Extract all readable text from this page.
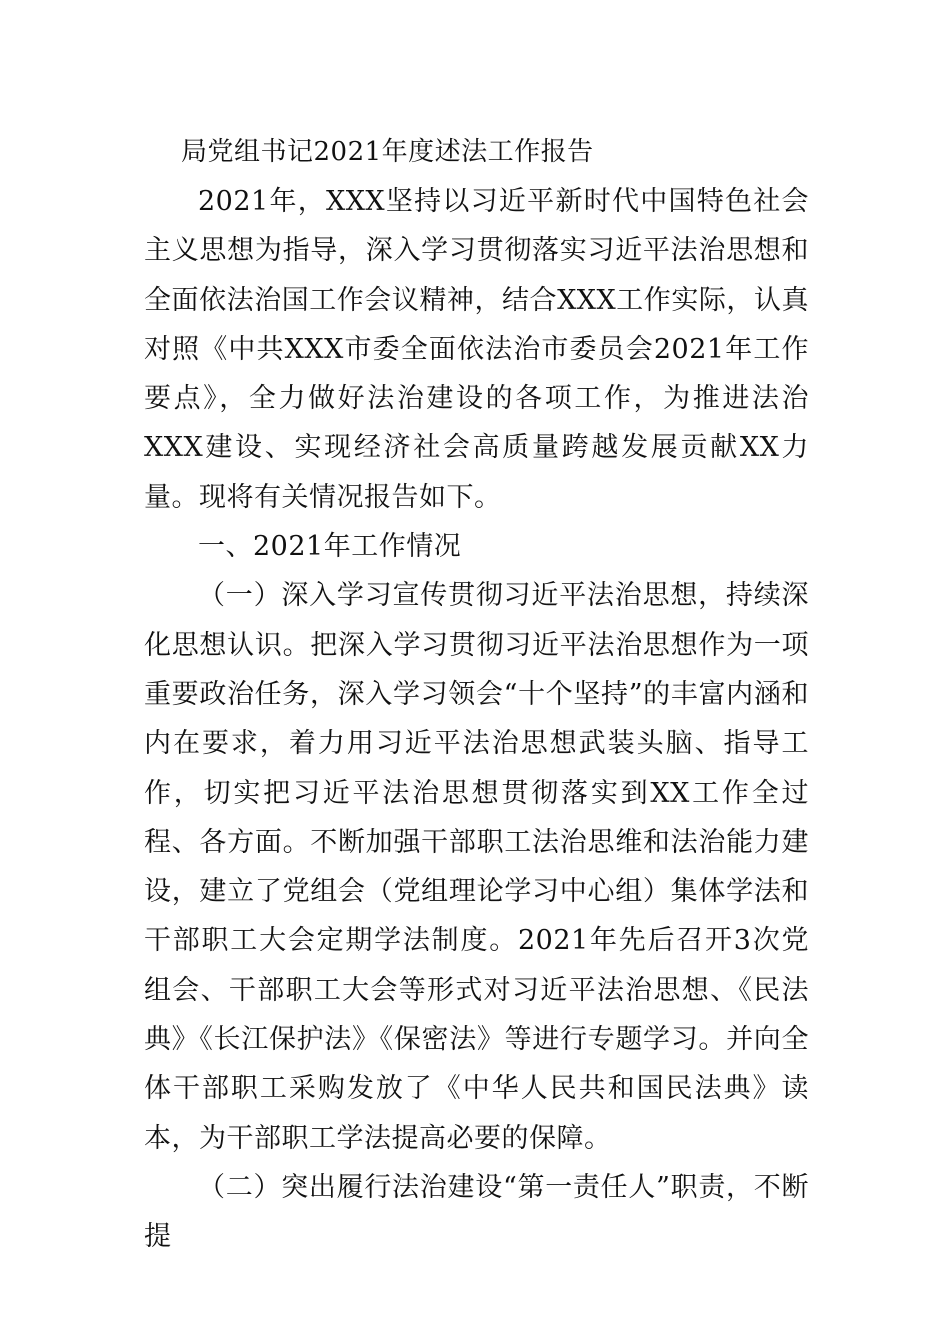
局党组书记2021年度述法工作报告

2021年，XXX坚持以习近平新时代中国特色社会主义思想为指导，深入学习贯彻落实习近平法治思想和全面依法治国工作会议精神，结合XXX工作实际，认真对照《中共XXX市委全面依法治市委员会2021年工作要点》，全力做好法治建设的各项工作，为推进法治XXX建设、实现经济社会高质量跨越发展贡献XX力量。现将有关情况报告如下。

一、2021年工作情况

（一）深入学习宣传贯彻习近平法治思想，持续深化思想认识。把深入学习贯彻习近平法治思想作为一项重要政治任务，深入学习领会“十个坚持”的丰富内涵和内在要求，着力用习近平法治思想武装头脑、指导工作，切实把习近平法治思想贯彻落实到XX工作全过程、各方面。不断加强干部职工法治思维和法治能力建设，建立了党组会（党组理论学习中心组）集体学法和干部职工大会定期学法制度。2021年先后召开3次党组会、干部职工大会等形式对习近平法治思想、《民法典》《长江保护法》《保密法》等进行专题学习。并向全体干部职工采购发放了《中华人民共和国民法典》读本，为干部职工学法提高必要的保障。

（二）突出履行法治建设“第一责任人”职责，不断提
